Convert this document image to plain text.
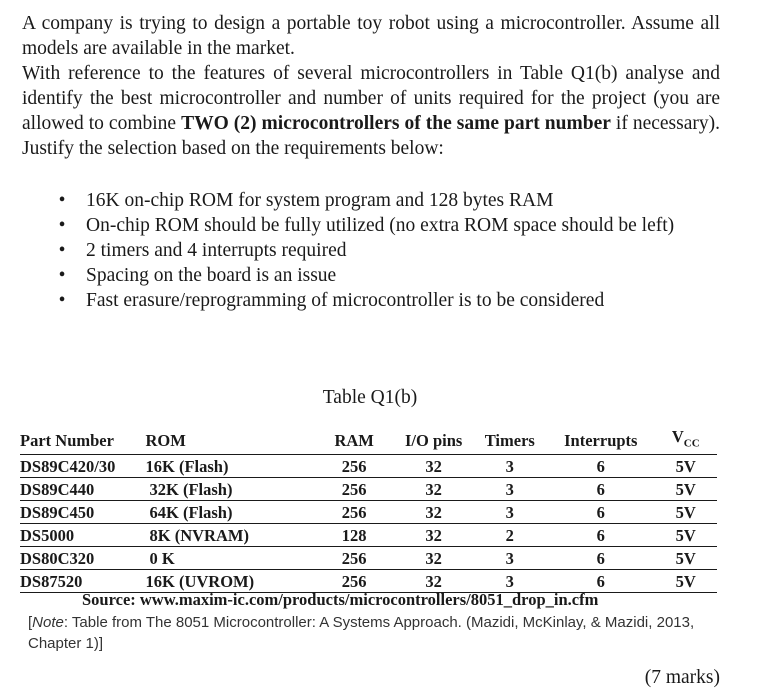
A company is trying to design a portable toy robot using a microcontroller. Assume all models are available in the market.
With reference to the features of several microcontrollers in Table Q1(b) analyse and identify the best microcontroller and number of units required for the project (you are allowed to combine TWO (2) microcontrollers of the same part number if necessary). Justify the selection based on the requirements below:
•	16K on-chip ROM for system program and 128 bytes RAM
•	On-chip ROM should be fully utilized (no extra ROM space should be left)
•	2 timers and 4 interrupts required
•	Spacing on the board is an issue
•	Fast erasure/reprogramming of microcontroller is to be considered
Table Q1(b)
Part Number	ROM	RAM	I/O pins	Timers	Interrupts	$V_{CC}$
DS89C420/30	16K (Flash)	256	32	3	6	5V
DS89C440	32K (Flash)	256	32	3	6	5V
DS89C450	64K (Flash)	256	32	3	6	5V
DS5000	8K (NVRAM)	128	32	2	6	5V
DS80C320	0 K	256	32	3	6	5V
DS87520	16K (UVROM)	256	32	3	6	5V
Source: www.maxim-ic.com/products/microcontrollers/8051_drop_in.cfm
[Note: Table from The 8051 Microcontroller: A Systems Approach. (Mazidi, McKinlay, & Mazidi, 2013, Chapter 1)]
(7 marks)
